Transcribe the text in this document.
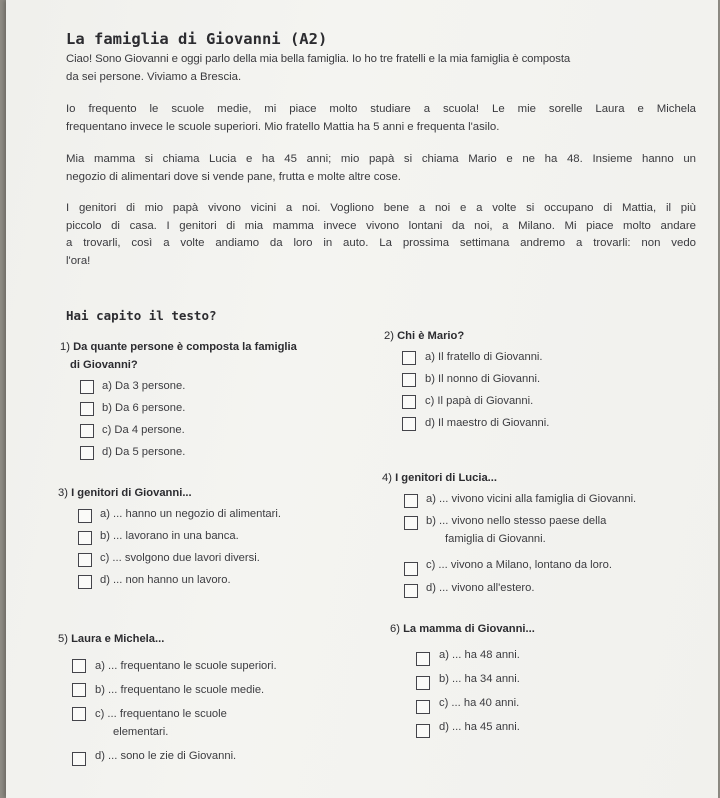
La famiglia di Giovanni (A2)
Ciao! Sono Giovanni e oggi parlo della mia bella famiglia. Io ho tre fratelli e la mia famiglia è composta
da sei persone. Viviamo a Brescia.
Io frequento le scuole medie, mi piace molto studiare a scuola! Le mie sorelle Laura e Michela
frequentano invece le scuole superiori. Mio fratello Mattia ha 5 anni e frequenta l'asilo.
Mia mamma si chiama Lucia e ha 45 anni; mio papà si chiama Mario e ne ha 48. Insieme hanno un
negozio di alimentari dove si vende pane, frutta e molte altre cose.
I genitori di mio papà vivono vicini a noi. Vogliono bene a noi e a volte si occupano di Mattia, il più
piccolo di casa. I genitori di mia mamma invece vivono lontani da noi, a Milano. Mi piace molto andare
a trovarli, così a volte andiamo da loro in auto. La prossima settimana andremo a trovarli: non vedo
l'ora!
Hai capito il testo?
1) Da quante persone è composta la famiglia
di Giovanni?
a) Da 3 persone.
b) Da 6 persone.
c) Da 4 persone.
d) Da 5 persone.
2) Chi è Mario?
a) Il fratello di Giovanni.
b) Il nonno di Giovanni.
c) Il papà di Giovanni.
d) Il maestro di Giovanni.
3) I genitori di Giovanni...
a) ... hanno un negozio di alimentari.
b) ... lavorano in una banca.
c) ... svolgono due lavori diversi.
d) ... non hanno un lavoro.
4) I genitori di Lucia...
a) ... vivono vicini alla famiglia di Giovanni.
b) ... vivono nello stesso paese della
famiglia di Giovanni.
c) ... vivono a Milano, lontano da loro.
d) ... vivono all'estero.
5) Laura e Michela...
a) ... frequentano le scuole superiori.
b) ... frequentano le scuole medie.
c) ... frequentano le scuole
elementari.
d) ... sono le zie di Giovanni.
6) La mamma di Giovanni...
a) ... ha 48 anni.
b) ... ha 34 anni.
c) ... ha 40 anni.
d) ... ha 45 anni.
